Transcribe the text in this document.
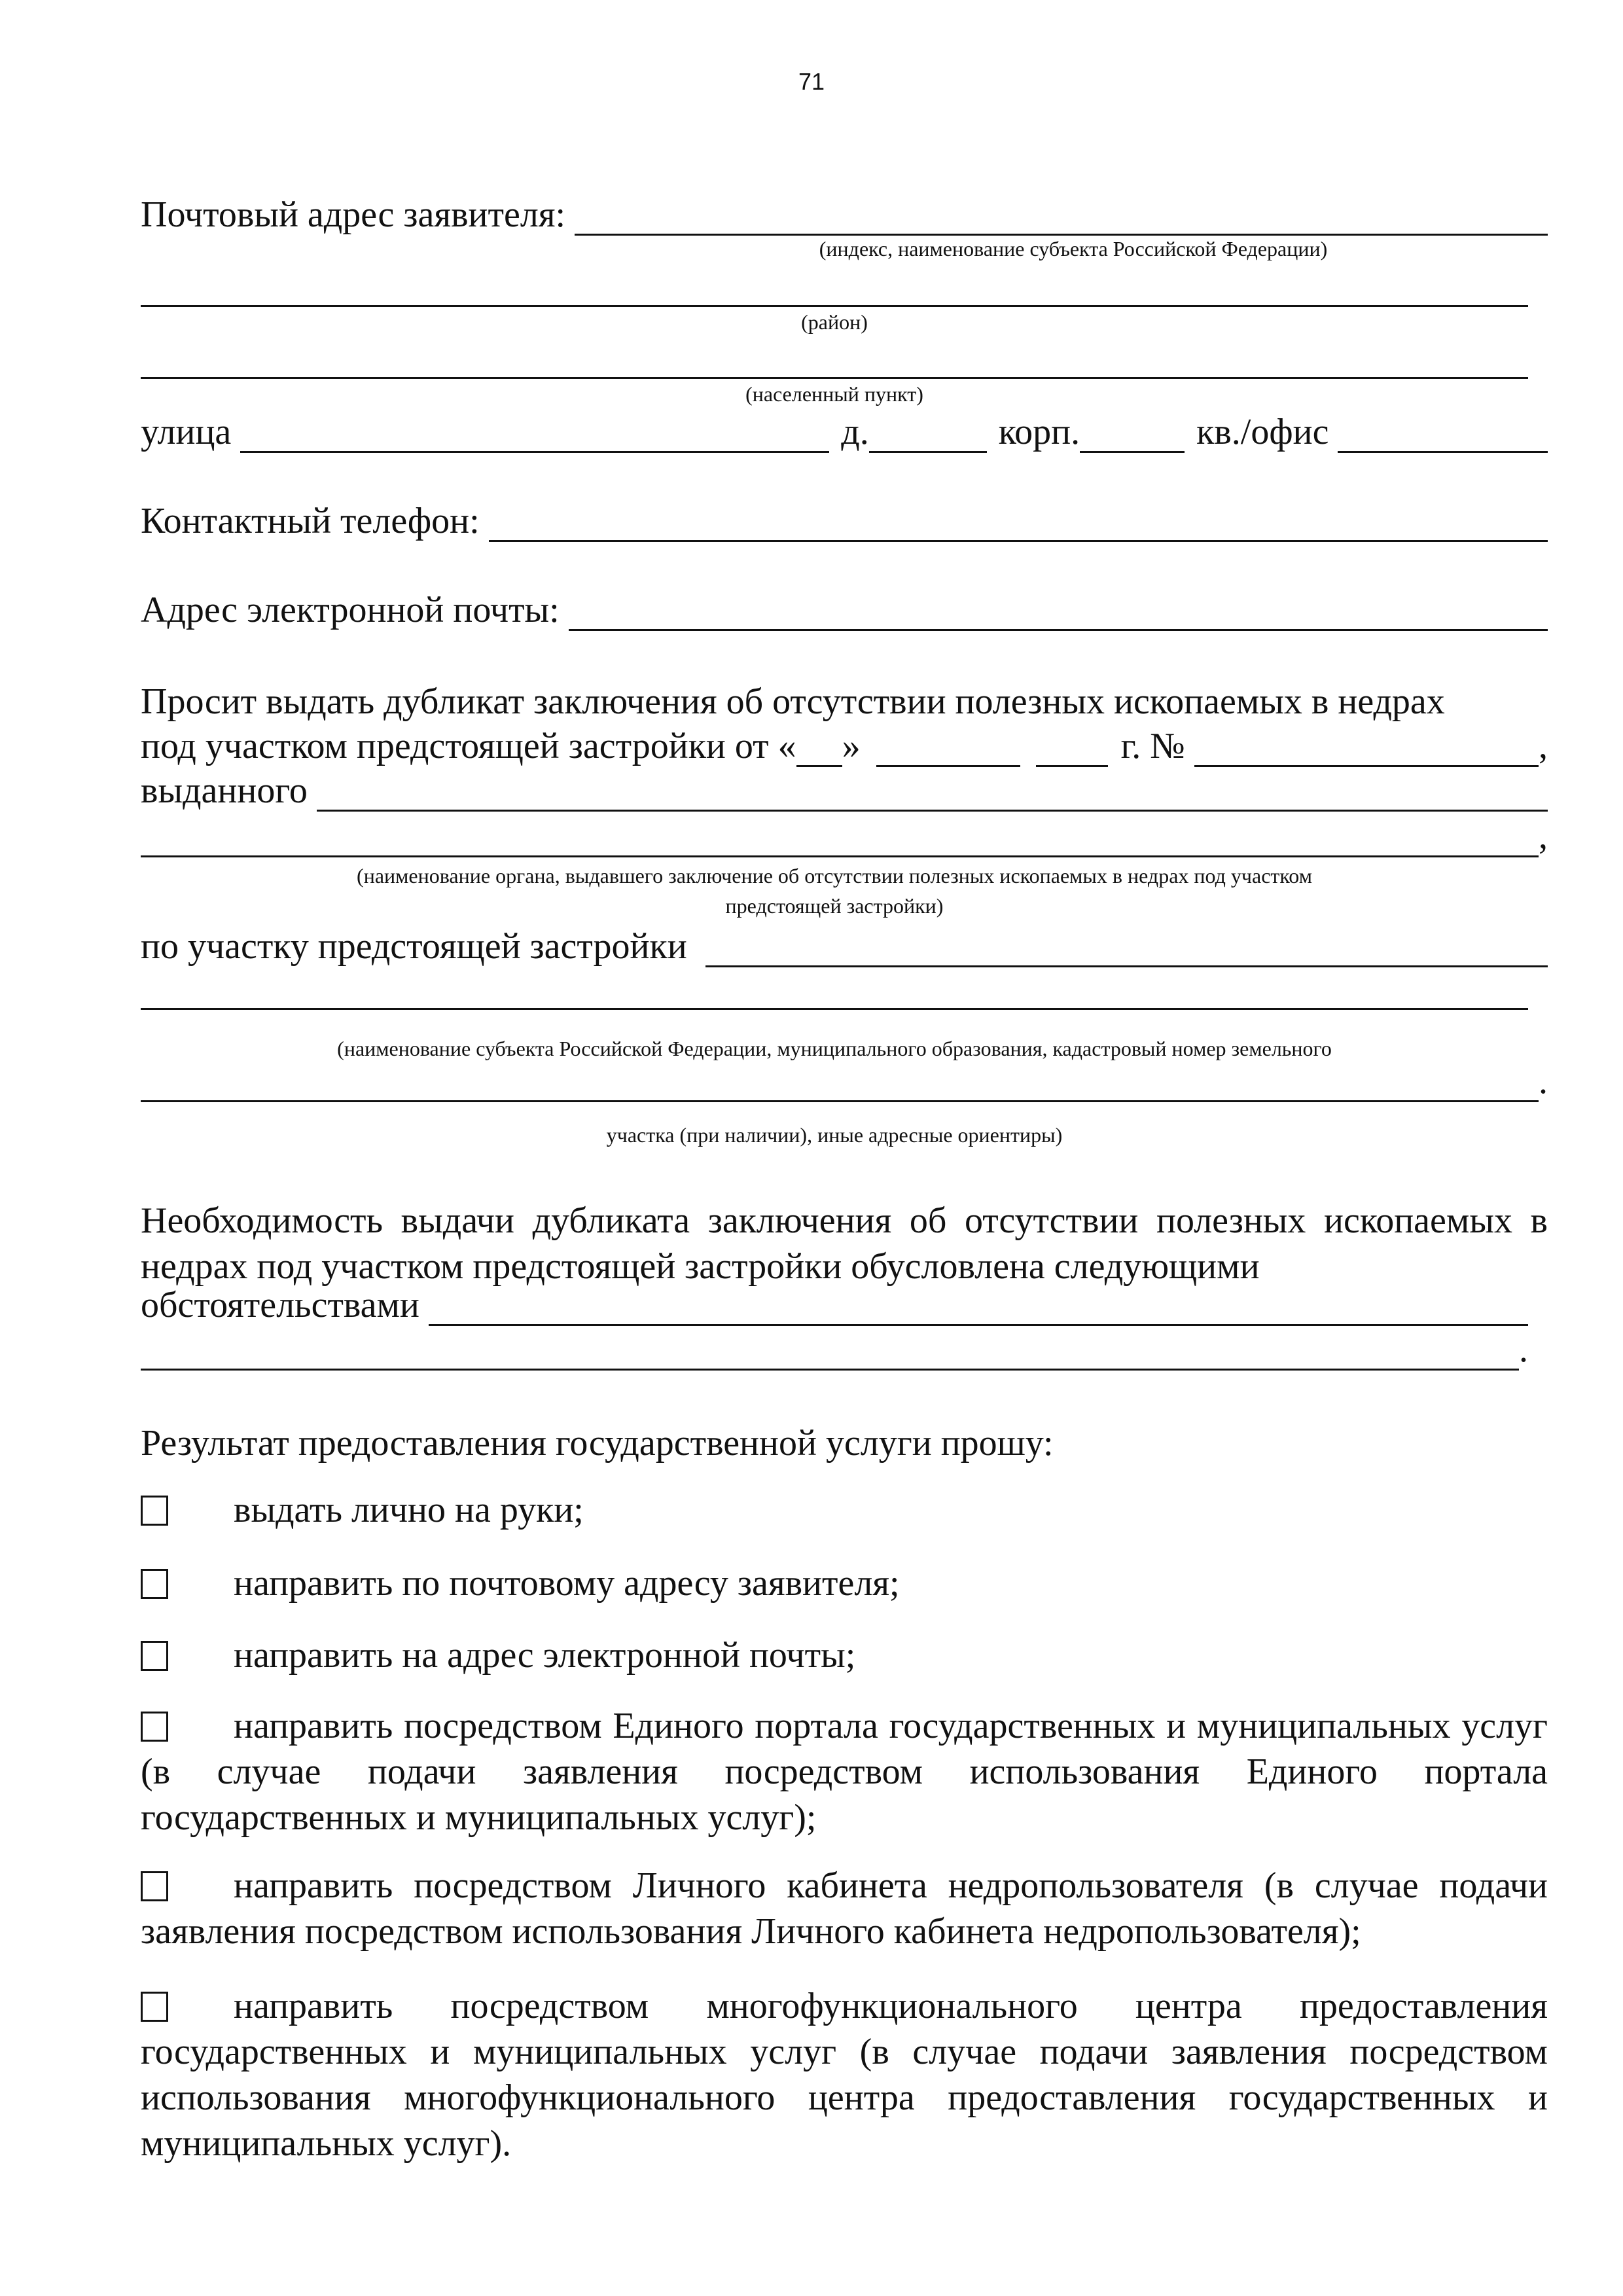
71
Почтовый адрес заявителя:
(индекс, наименование субъекта Российской Федерации)
(район)
(населенный пункт)
улица	д.	корп.	кв./офис
Контактный телефон:
Адрес электронной почты:
Просит выдать дубликат заключения об отсутствии полезных ископаемых в недрах
под участком предстоящей застройки от « »	г. №	,
выданного
,
(наименование органа, выдавшего заключение об отсутствии полезных ископаемых в недрах под участком
предстоящей застройки)
по участку предстоящей застройки
(наименование субъекта Российской Федерации, муниципального образования, кадастровый номер земельного
.
участка (при наличии), иные адресные ориентиры)
Необходимость выдачи дубликата заключения об отсутствии полезных ископаемых в недрах под участком предстоящей застройки обусловлена следующими
обстоятельствами
.
Результат предоставления государственной услуги прошу:
выдать лично на руки;
направить по почтовому адресу заявителя;
направить на адрес электронной почты;
направить посредством Единого портала государственных и муниципальных услуг (в случае подачи заявления посредством использования Единого портала государственных и муниципальных услуг);
направить посредством Личного кабинета недропользователя (в случае подачи заявления посредством использования Личного кабинета недропользователя);
направить посредством многофункционального центра предоставления государственных и муниципальных услуг (в случае подачи заявления посредством использования многофункционального центра предоставления государственных и муниципальных услуг).
